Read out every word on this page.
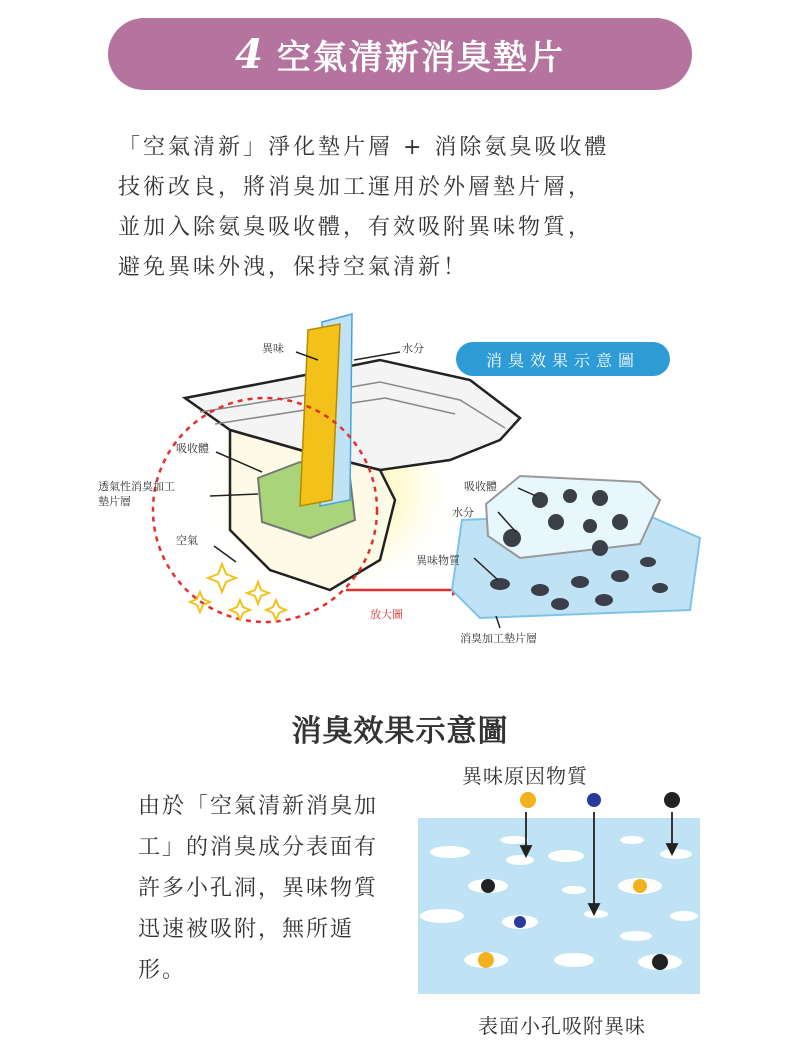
4 空氣清新消臭墊片
「空氣清新」淨化墊片層 + 消除氨臭吸收體
技術改良，將消臭加工運用於外層墊片層，
並加入除氨臭吸收體，有效吸附異味物質，
避免異味外洩，保持空氣清新！
異味	水分
消臭效果示意圖
吸收體
透氣性消臭加工
墊片層
空氣
放大圖
吸收體
水分
異味物質
消臭加工墊片層
消臭效果示意圖
由於「空氣清新消臭加
工」的消臭成分表面有
許多小孔洞，異味物質
迅速被吸附，無所遁
形。
異味原因物質
表面小孔吸附異味
